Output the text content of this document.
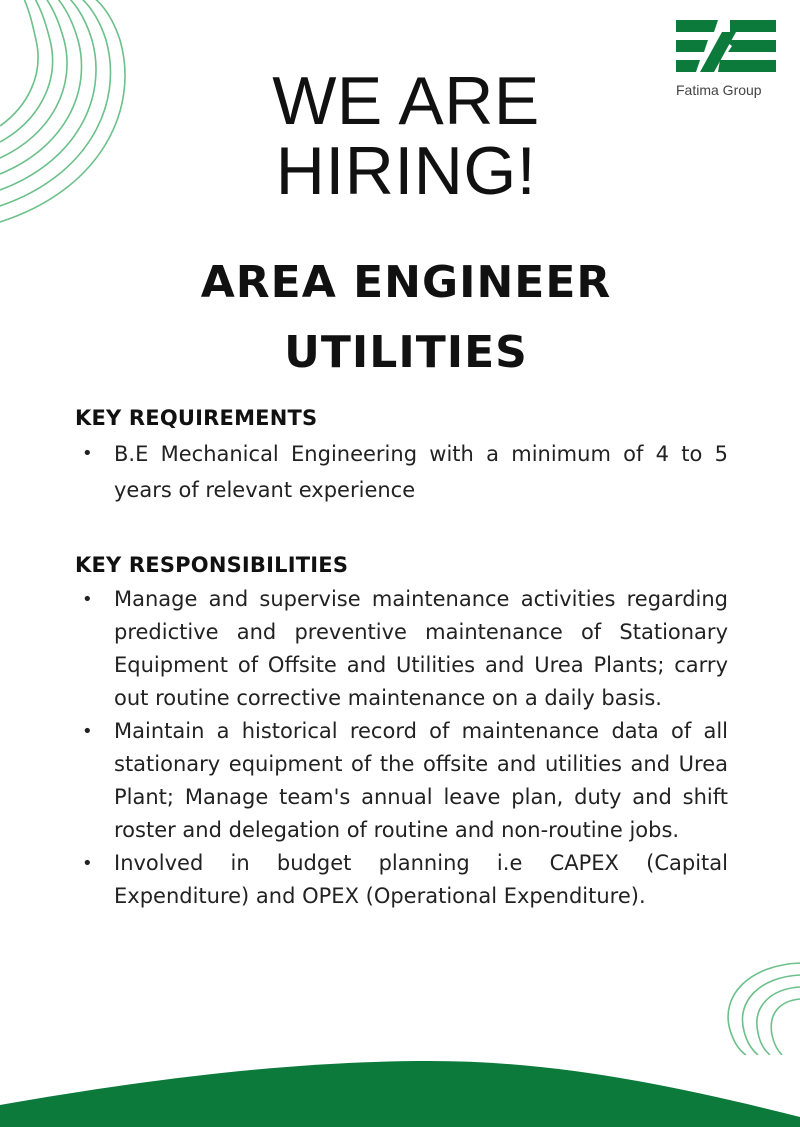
Fatima Group
WE ARE
HIRING!
AREA ENGINEER
UTILITIES
KEY REQUIREMENTS
• B.E Mechanical Engineering with a minimum of 4 to 5 years of relevant experience
KEY RESPONSIBILITIES
• Manage and supervise maintenance activities regarding predictive and preventive maintenance of Stationary Equipment of Offsite and Utilities and Urea Plants; carry out routine corrective maintenance on a daily basis.
• Maintain a historical record of maintenance data of all stationary equipment of the offsite and utilities and Urea Plant; Manage team's annual leave plan, duty and shift roster and delegation of routine and non-routine jobs.
• Involved in budget planning i.e CAPEX (Capital Expenditure) and OPEX (Operational Expenditure).
